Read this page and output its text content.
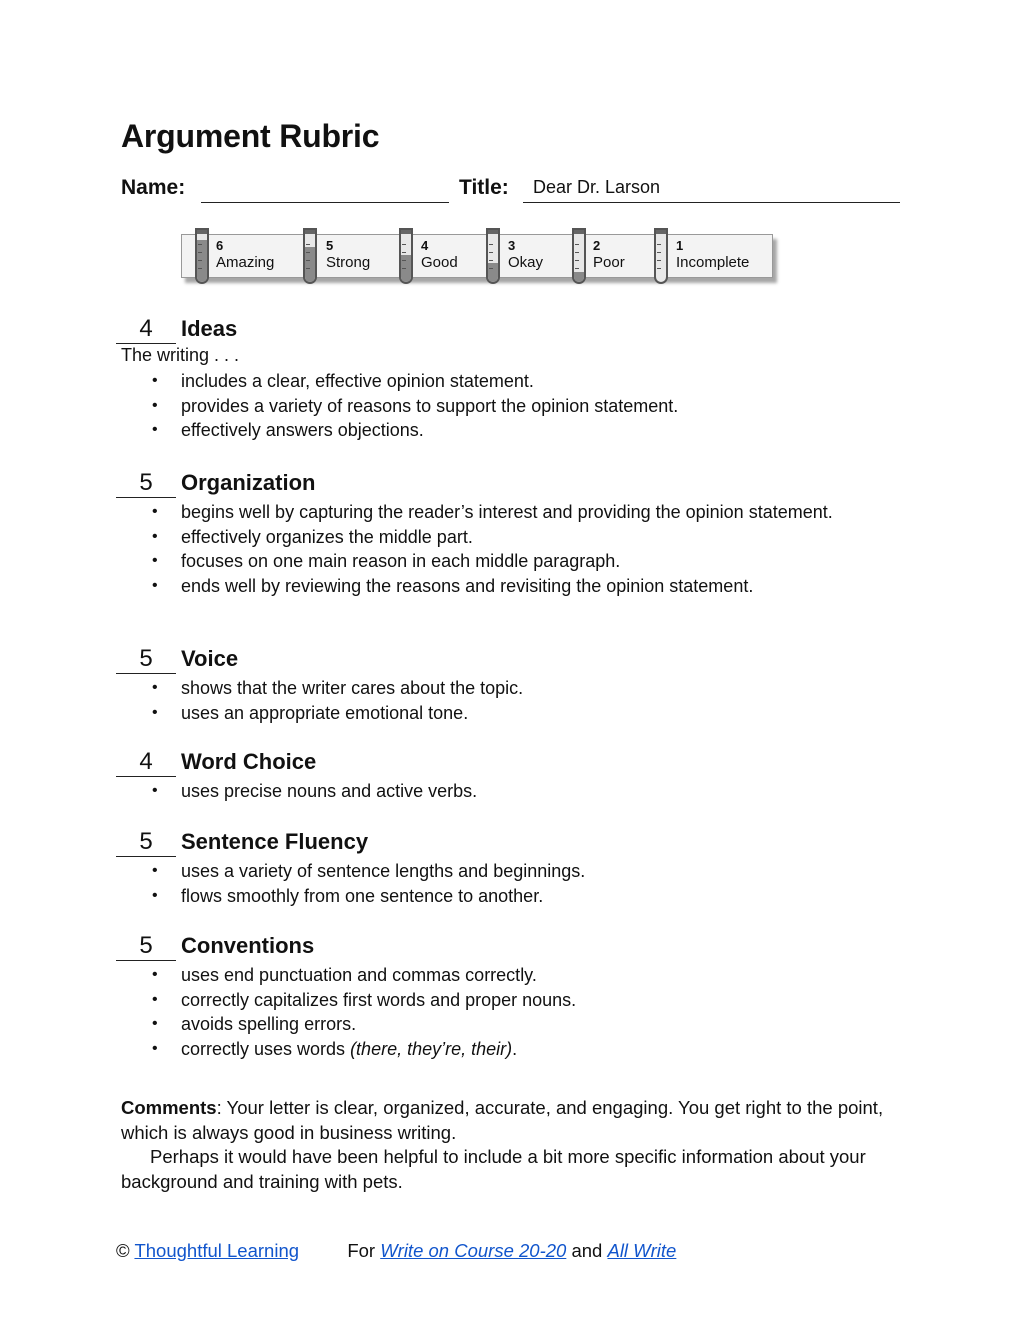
Argument Rubric
Name:	Title: Dear Dr. Larson
6
Amazing
5
Strong
4
Good
3
Okay
2
Poor
1
Incomplete
4	Ideas
The writing . . .
• includes a clear, effective opinion statement.
• provides a variety of reasons to support the opinion statement.
• effectively answers objections.
5	Organization
• begins well by capturing the reader’s interest and providing the opinion statement.
• effectively organizes the middle part.
• focuses on one main reason in each middle paragraph.
• ends well by reviewing the reasons and revisiting the opinion statement.
5	Voice
• shows that the writer cares about the topic.
• uses an appropriate emotional tone.
4	Word Choice
• uses precise nouns and active verbs.
5	Sentence Fluency
• uses a variety of sentence lengths and beginnings.
• flows smoothly from one sentence to another.
5	Conventions
• uses end punctuation and commas correctly.
• correctly capitalizes first words and proper nouns.
• avoids spelling errors.
• correctly uses words (there, they’re, their).
Comments: Your letter is clear, organized, accurate, and engaging. You get right to the point, which is always good in business writing.
Perhaps it would have been helpful to include a bit more specific information about your background and training with pets.
© Thoughtful Learning	For Write on Course 20-20 and All Write
